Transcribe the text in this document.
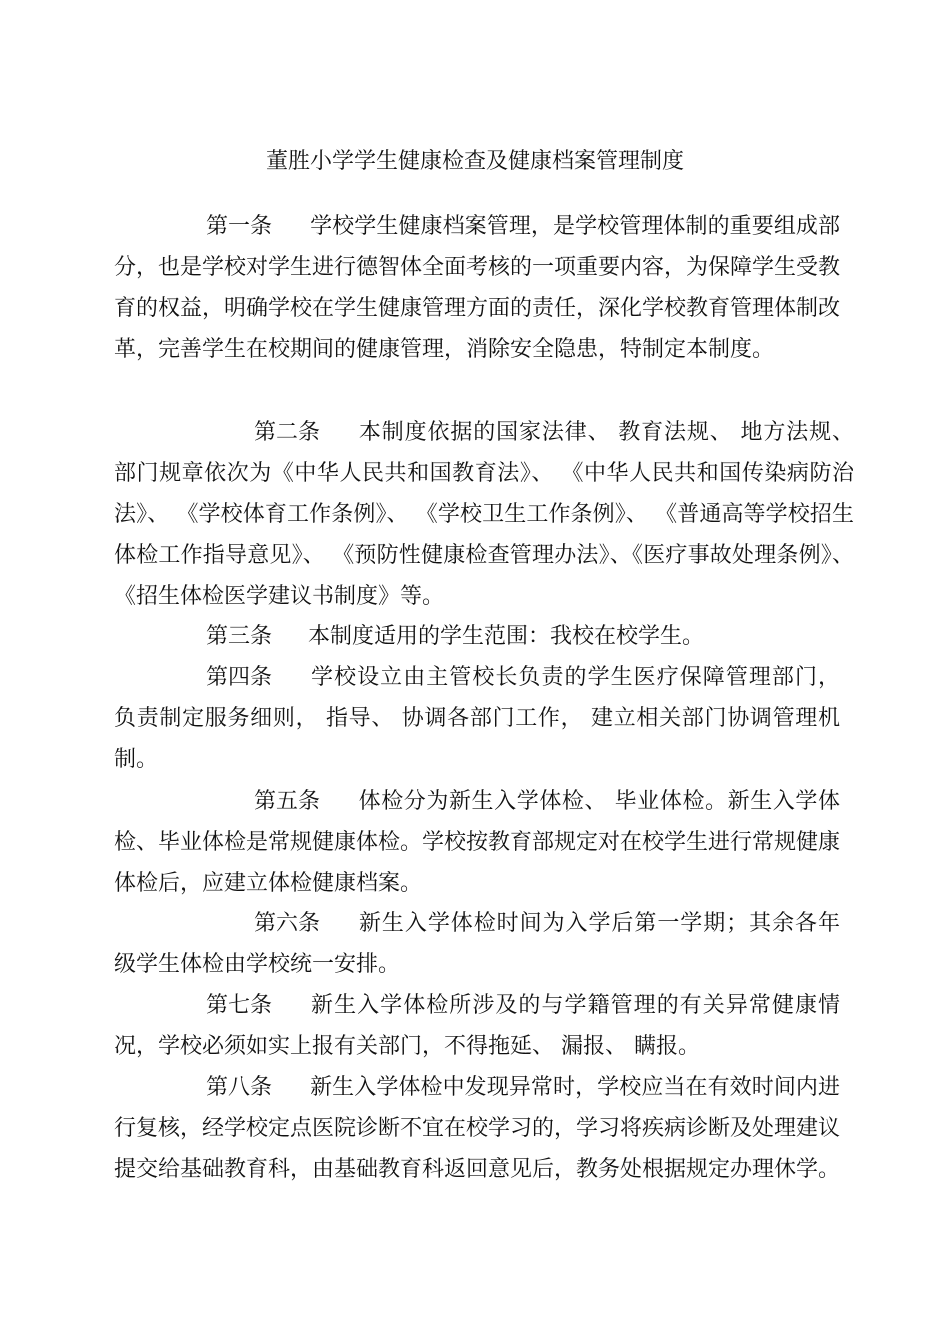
董胜小学学生健康检查及健康档案管理制度

第一条 学校学生健康档案管理，是学校管理体制的重要组成部分，也是学校对学生进行德智体全面考核的一项重要内容，为保障学生受教育的权益，明确学校在学生健康管理方面的责任，深化学校教育管理体制改革，完善学生在校期间的健康管理，消除安全隐患，特制定本制度。

第二条 本制度依据的国家法律、 教育法规、 地方法规、 部门规章依次为《中华人民共和国教育法》、 《中华人民共和国传染病防治法》、 《学校体育工作条例》、 《学校卫生工作条例》、 《普通高等学校招生体检工作指导意见》、 《预防性健康检查管理办法》、《医疗事故处理条例》、 《招生体检医学建议书制度》等。

第三条 本制度适用的学生范围：我校在校学生。

第四条 学校设立由主管校长负责的学生医疗保障管理部门， 负责制定服务细则， 指导、 协调各部门工作， 建立相关部门协调管理机制。

第五条 体检分为新生入学体检、 毕业体检。新生入学体检、毕业体检是常规健康体检。学校按教育部规定对在校学生进行常规健康体检后，应建立体检健康档案。

第六条 新生入学体检时间为入学后第一学期；其余各年级学生体检由学校统一安排。

第七条 新生入学体检所涉及的与学籍管理的有关异常健康情况，学校必须如实上报有关部门，不得拖延、 漏报、 瞒报。

第八条 新生入学体检中发现异常时，学校应当在有效时间内进行复核，经学校定点医院诊断不宜在校学习的，学习将疾病诊断及处理建议提交给基础教育科，由基础教育科返回意见后，教务处根据规定办理休学。
